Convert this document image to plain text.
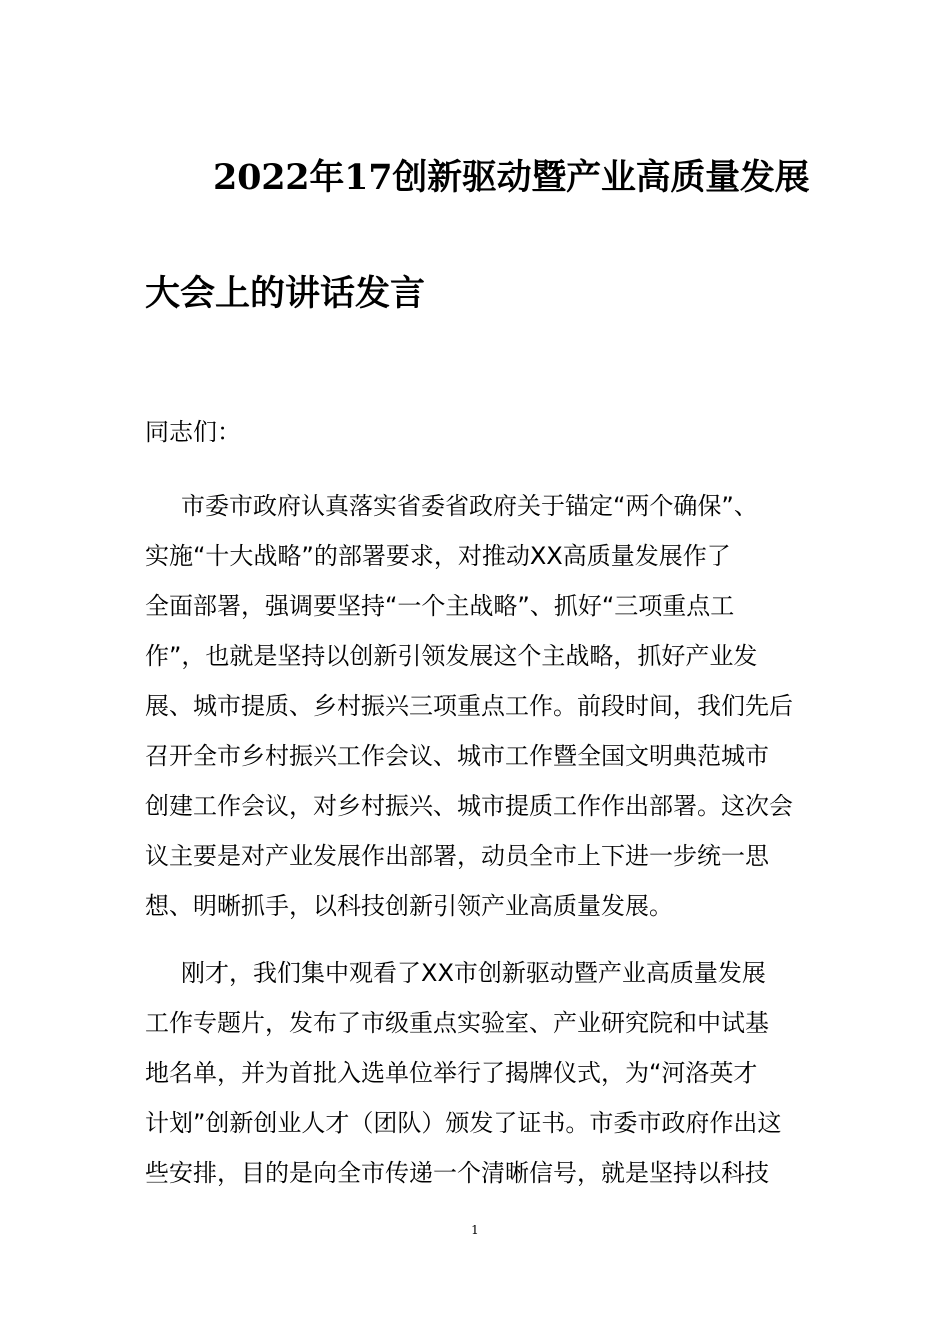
2022年17创新驱动暨产业高质量发展
大会上的讲话发言
同志们：
市委市政府认真落实省委省政府关于锚定“两个确保”、
实施“十大战略”的部署要求，对推动XX高质量发展作了
全面部署，强调要坚持“一个主战略”、抓好“三项重点工
作”，也就是坚持以创新引领发展这个主战略，抓好产业发
展、城市提质、乡村振兴三项重点工作。前段时间，我们先后
召开全市乡村振兴工作会议、城市工作暨全国文明典范城市
创建工作会议，对乡村振兴、城市提质工作作出部署。这次会
议主要是对产业发展作出部署，动员全市上下进一步统一思
想、明晰抓手，以科技创新引领产业高质量发展。
刚才，我们集中观看了XX市创新驱动暨产业高质量发展
工作专题片，发布了市级重点实验室、产业研究院和中试基
地名单，并为首批入选单位举行了揭牌仪式，为“河洛英才
计划”创新创业人才（团队）颁发了证书。市委市政府作出这
些安排，目的是向全市传递一个清晰信号，就是坚持以科技
1
